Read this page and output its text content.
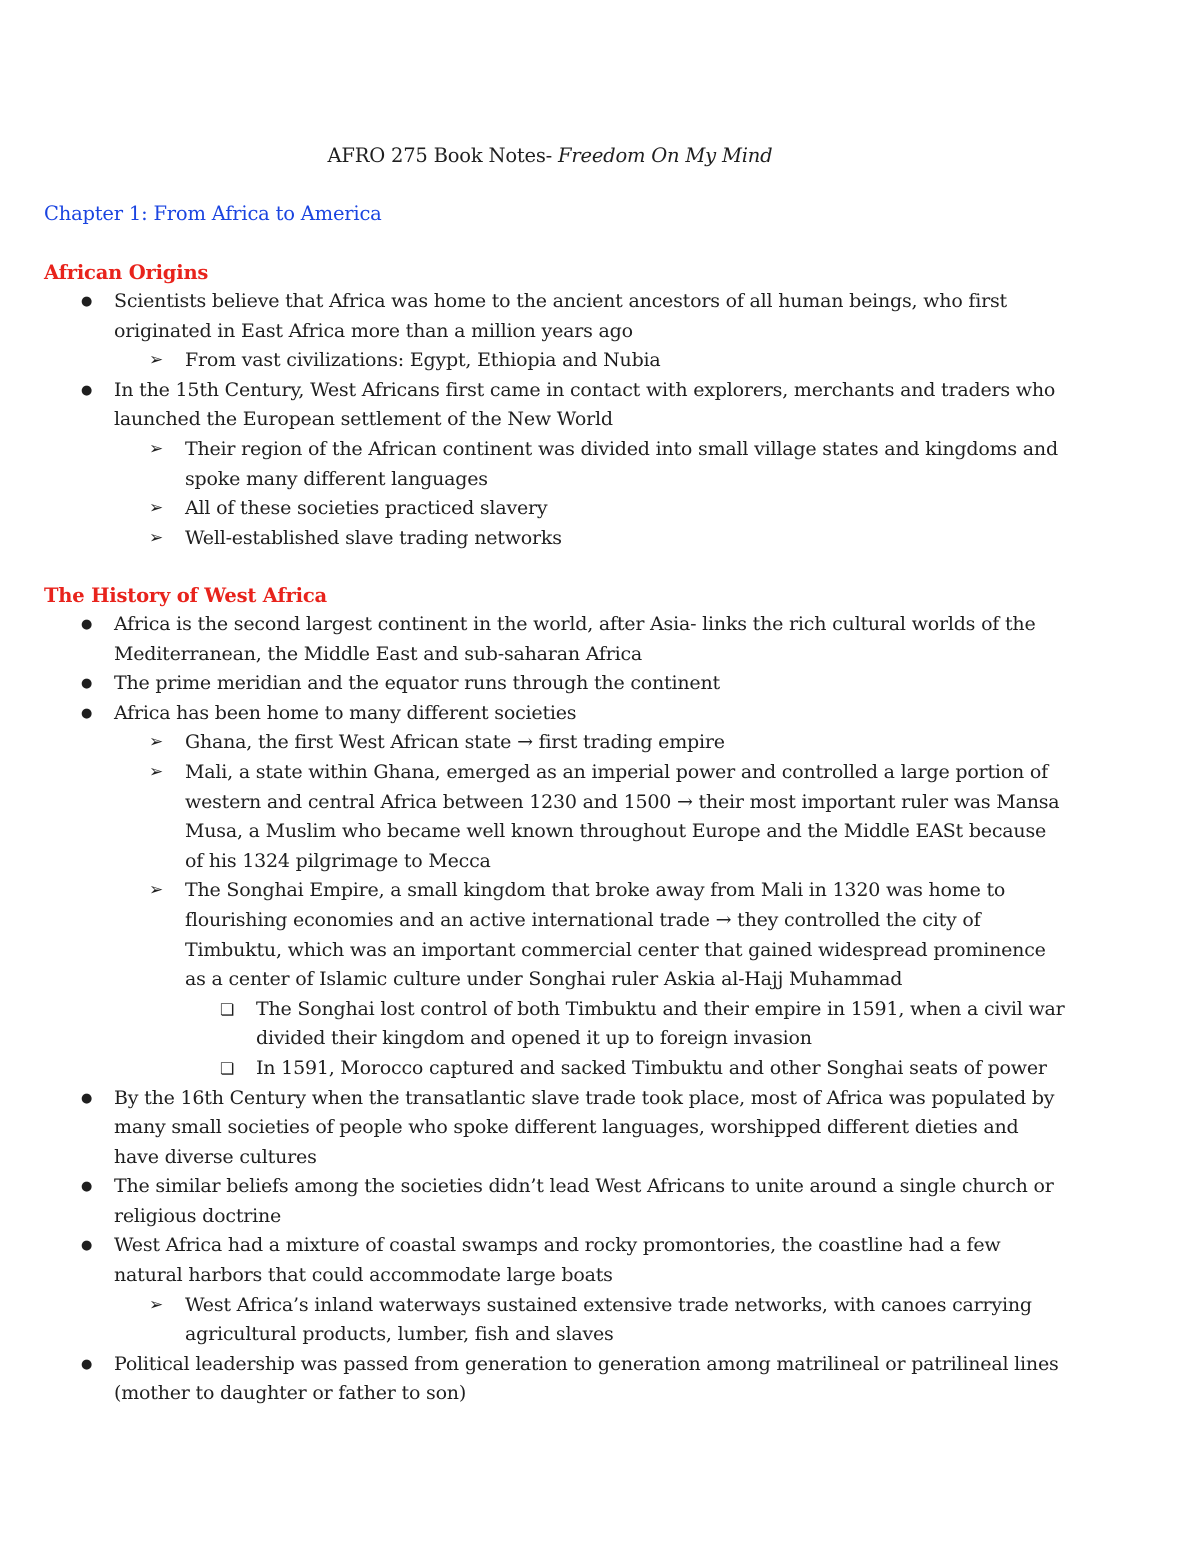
AFRO 275 Book Notes- Freedom On My Mind
Chapter 1: From Africa to America
African Origins
● Scientists believe that Africa was home to the ancient ancestors of all human beings, who first originated in East Africa more than a million years ago
➢ From vast civilizations: Egypt, Ethiopia and Nubia
● In the 15th Century, West Africans first came in contact with explorers, merchants and traders who launched the European settlement of the New World
➢ Their region of the African continent was divided into small village states and kingdoms and spoke many different languages
➢ All of these societies practiced slavery
➢ Well-established slave trading networks
The History of West Africa
● Africa is the second largest continent in the world, after Asia- links the rich cultural worlds of the Mediterranean, the Middle East and sub-saharan Africa
● The prime meridian and the equator runs through the continent
● Africa has been home to many different societies
➢ Ghana, the first West African state → first trading empire
➢ Mali, a state within Ghana, emerged as an imperial power and controlled a large portion of western and central Africa between 1230 and 1500 → their most important ruler was Mansa Musa, a Muslim who became well known throughout Europe and the Middle EASt because of his 1324 pilgrimage to Mecca
➢ The Songhai Empire, a small kingdom that broke away from Mali in 1320 was home to flourishing economies and an active international trade → they controlled the city of Timbuktu, which was an important commercial center that gained widespread prominence as a center of Islamic culture under Songhai ruler Askia al-Hajj Muhammad
❏ The Songhai lost control of both Timbuktu and their empire in 1591, when a civil war divided their kingdom and opened it up to foreign invasion
❏ In 1591, Morocco captured and sacked Timbuktu and other Songhai seats of power
● By the 16th Century when the transatlantic slave trade took place, most of Africa was populated by many small societies of people who spoke different languages, worshipped different dieties and have diverse cultures
● The similar beliefs among the societies didn’t lead West Africans to unite around a single church or religious doctrine
● West Africa had a mixture of coastal swamps and rocky promontories, the coastline had a few natural harbors that could accommodate large boats
➢ West Africa’s inland waterways sustained extensive trade networks, with canoes carrying agricultural products, lumber, fish and slaves
● Political leadership was passed from generation to generation among matrilineal or patrilineal lines (mother to daughter or father to son)
